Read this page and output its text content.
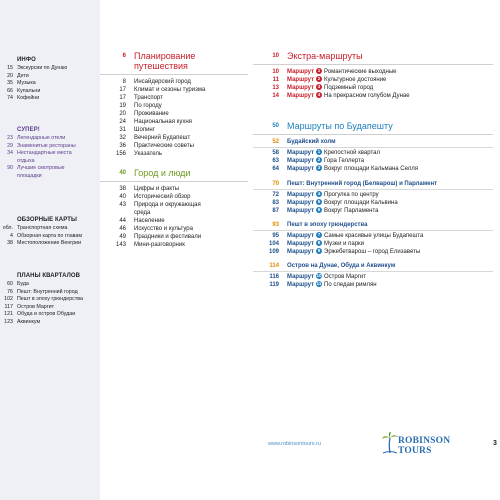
ИНФО
15 Экскурсии по Дунаю
20 Дети
35 Музыка
66 Купальни
74 Кофейни
СУПЕР!
23 Легендарные отели
29 Знаменитые рестораны
34 Нестандартные места
отдыха
90 Лучшие смотровые
площадки
ОБЗОРНЫЕ КАРТЫ
обл. Транспортная схема
4 Обзорная карта по главам
38 Местоположение Венгрии
ПЛАНЫ КВАРТАЛОВ
60 Буда
76 Пешт: Внутренний город
102 Пешт в эпоху грюндерства
117 Остров Маргит
121 Обуда и остров Обудаи
123 Аквинкум
6 Планирование путешествия
8	Инсайдерский город
17	Климат и сезоны туризма
17	Транспорт
19	По городу
20	Проживание
24	Национальная кухня
31	Шопинг
32	Вечерний Будапешт
36	Практические советы
156	Указатель
40 Город и люди
38	Цифры и факты
40	Исторический обзор
43	Природа и окружающая
среда
44	Население
46	Искусство и культура
49	Праздники и фестивали
143	Мини-разговорник
10 Экстра-маршруты
10	Маршрут 1 Романтические выходные
11	Маршрут 2 Культурное достояние
13	Маршрут 3 Подземный город
14	Маршрут 4 На прекрасном голубом Дунае
50 Маршруты по Будапешту
52	Будайский холм
58	Маршрут 1 Крепостной квартал
63	Маршрут 2 Гора Геллерта
64	Маршрут 3 Вокруг площади Кальмана Селля
70	Пешт: Внутренний город (Белварош) и Парламент
72	Маршрут 4 Прогулка по центру
83	Маршрут 5 Вокруг площади Кальвина
87	Маршрут 6 Вокруг Парламента
93	Пешт в эпоху грюндерства
95	Маршрут 7 Самые красивые улицы Будапешта
104	Маршрут 8 Музеи и парки
109	Маршрут 9 Эржебетварош – город Елизаветы
114	Остров на Дунае, Обуда и Аквинкум
116	Маршрут 10 Остров Маргит
119	Маршрут 11 По следам римлян
www.robinsontours.ru	ROBINSON TOURS
3
